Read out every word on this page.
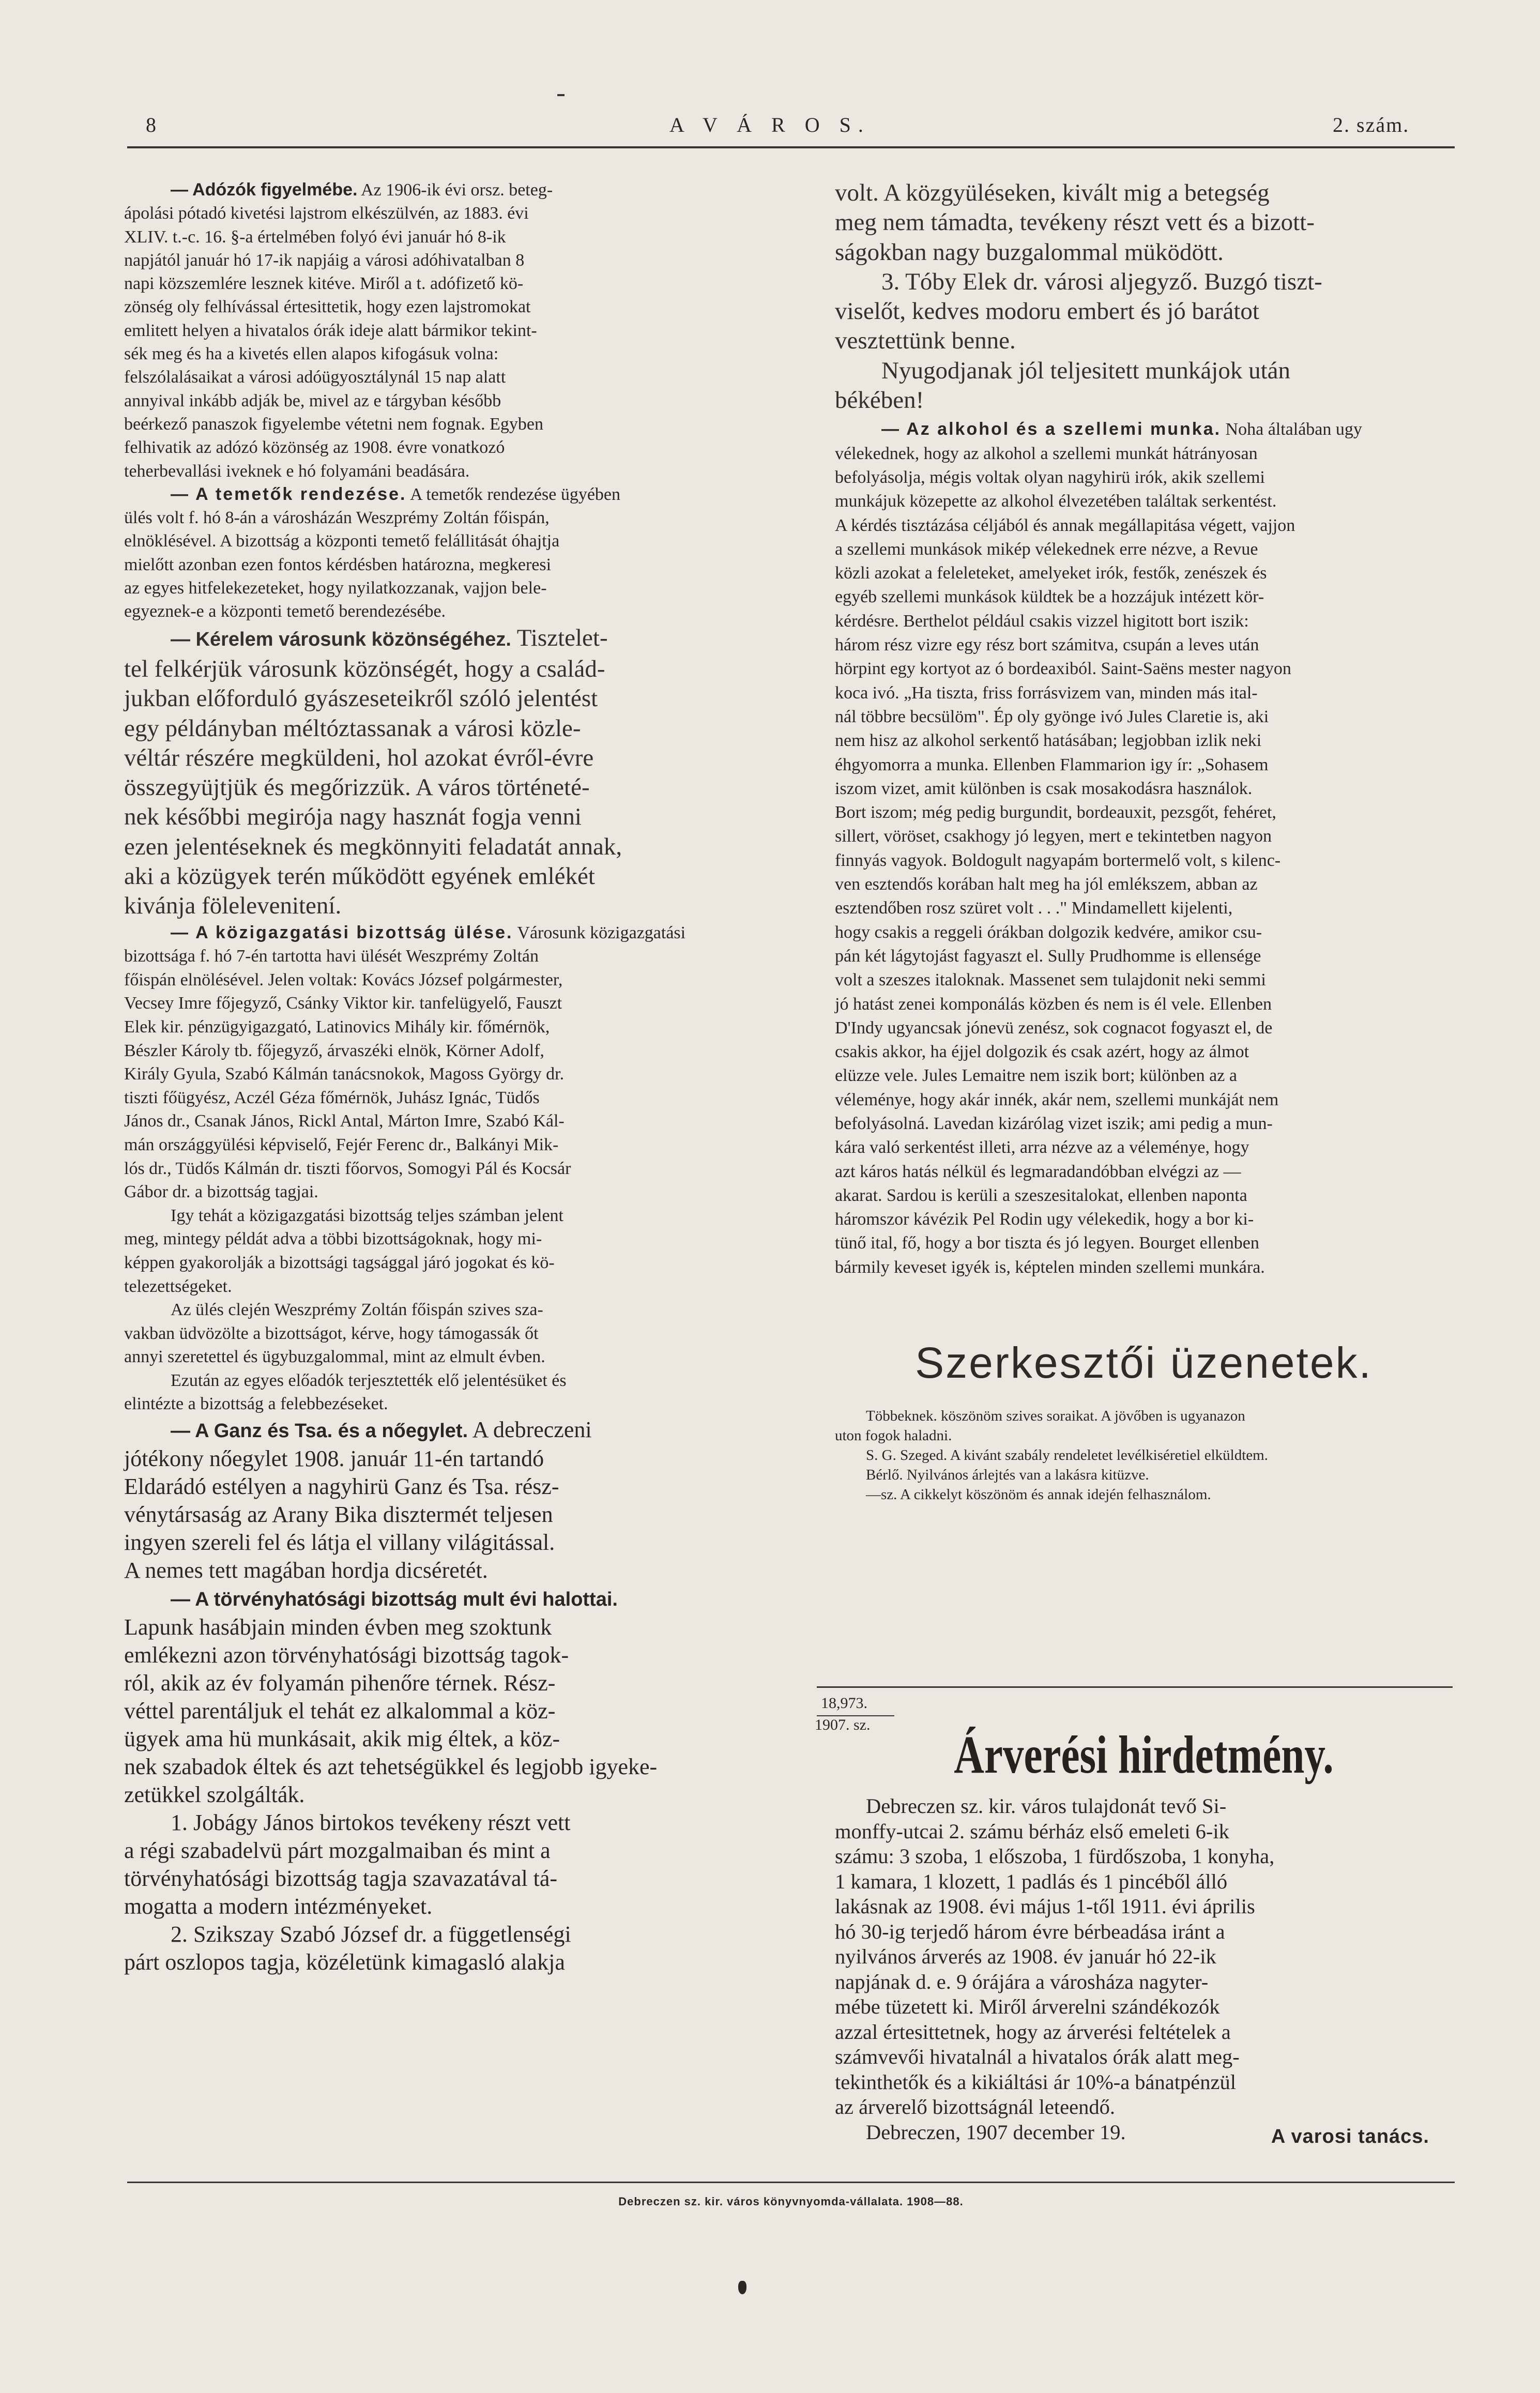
8	A V Á R O S.	2. szám.

— Adózók figyelmébe. Az 1906-ik évi orsz. beteg-
ápolási pótadó kivetési lajstrom elkészülvén, az 1883. évi
XLIV. t.-c. 16. §-a értelmében folyó évi január hó 8-ik
napjától január hó 17-ik napjáig a városi adóhivatalban 8
napi közszemlére lesznek kitéve. Miről a t. adófizető kö-
zönség oly felhívással értesittetik, hogy ezen lajstromokat
emlitett helyen a hivatalos órák ideje alatt bármikor tekint-
sék meg és ha a kivetés ellen alapos kifogásuk volna:
felszólalásaikat a városi adóügyosztálynál 15 nap alatt
annyival inkább adják be, mivel az e tárgyban később
beérkező panaszok figyelembe vétetni nem fognak. Egyben
felhivatik az adózó közönség az 1908. évre vonatkozó
teherbevallási iveknek e hó folyamáni beadására.

— A temetők rendezése. A temetők rendezése ügyében
ülés volt f. hó 8-án a városházán Weszprémy Zoltán főispán,
elnöklésével. A bizottság a központi temető felállitását óhajtja
mielőtt azonban ezen fontos kérdésben határozna, megkeresi
az egyes hitfelekezeteket, hogy nyilatkozzanak, vajjon bele-
egyeznek-e a központi temető berendezésébe.

— Kérelem városunk közönségéhez. Tisztelet-
tel felkérjük városunk közönségét, hogy a család-
jukban előforduló gyászeseteikről szóló jelentést
egy példányban méltóztassanak a városi közle-
véltár részére megküldeni, hol azokat évről-évre
összegyüjtjük és megőrizzük. A város történeté-
nek későbbi megirója nagy hasznát fogja venni
ezen jelentéseknek és megkönnyiti feladatát annak,
aki a közügyek terén működött egyének emlékét
kivánja fölelevenitení.

— A közigazgatási bizottság ülése. Városunk közigazgatási
bizottsága f. hó 7-én tartotta havi ülését Weszprémy Zoltán
főispán elnölésével. Jelen voltak: Kovács József polgármester,
Vecsey Imre főjegyző, Csánky Viktor kir. tanfelügyelő, Fauszt
Elek kir. pénzügyigazgató, Latinovics Mihály kir. főmérnök,
Bészler Károly tb. főjegyző, árvaszéki elnök, Körner Adolf,
Király Gyula, Szabó Kálmán tanácsnokok, Magoss György dr.
tiszti főügyész, Aczél Géza főmérnök, Juhász Ignác, Tüdős
János dr., Csanak János, Rickl Antal, Márton Imre, Szabó Kál-
mán országgyülési képviselő, Fejér Ferenc dr., Balkányi Mik-
lós dr., Tüdős Kálmán dr. tiszti főorvos, Somogyi Pál és Kocsár
Gábor dr. a bizottság tagjai.

Igy tehát a közigazgatási bizottság teljes számban jelent
meg, mintegy példát adva a többi bizottságoknak, hogy mi-
képpen gyakorolják a bizottsági tagsággal járó jogokat és kö-
telezettségeket.

Az ülés clején Weszprémy Zoltán főispán szives sza-
vakban üdvözölte a bizottságot, kérve, hogy támogassák őt
annyi szeretettel és ügybuzgalommal, mint az elmult évben.

Ezután az egyes előadók terjesztették elő jelentésüket és
elintézte a bizottság a felebbezéseket.

— A Ganz és Tsa. és a nőegylet. A debreczeni
jótékony nőegylet 1908. január 11-én tartandó
Eldarádó estélyen a nagyhirü Ganz és Tsa. rész-
vénytársaság az Arany Bika disztermét teljesen
ingyen szereli fel és látja el villany világitással.
A nemes tett magában hordja dicséretét.

— A törvényhatósági bizottság mult évi halottai.
Lapunk hasábjain minden évben meg szoktunk
emlékezni azon törvényhatósági bizottság tagok-
ról, akik az év folyamán pihenőre térnek. Rész-
véttel parentáljuk el tehát ez alkalommal a köz-
ügyek ama hü munkásait, akik mig éltek, a köz-
nek szabadok éltek és azt tehetségükkel és legjobb igyeke-
zetükkel szolgálták.

1. Jobágy János birtokos tevékeny részt vett
a régi szabadelvü párt mozgalmaiban és mint a
törvényhatósági bizottság tagja szavazatával tá-
mogatta a modern intézményeket.

2. Szikszay Szabó József dr. a függetlenségi
párt oszlopos tagja, közéletünk kimagasló alakja

volt. A közgyüléseken, kivált mig a betegség
meg nem támadta, tevékeny részt vett és a bizott-
ságokban nagy buzgalommal müködött.

3. Tóby Elek dr. városi aljegyző. Buzgó tiszt-
viselőt, kedves modoru embert és jó barátot
vesztettünk benne.

Nyugodjanak jól teljesitett munkájok után
békében!

— Az alkohol és a szellemi munka. Noha általában ugy
vélekednek, hogy az alkohol a szellemi munkát hátrányosan
befolyásolja, mégis voltak olyan nagyhirü irók, akik szellemi
munkájuk közepette az alkohol élvezetében találtak serkentést.
A kérdés tisztázása céljából és annak megállapitása végett, vajjon
a szellemi munkások mikép vélekednek erre nézve, a Revue
közli azokat a feleleteket, amelyeket irók, festők, zenészek és
egyéb szellemi munkások küldtek be a hozzájuk intézett kör-
kérdésre. Berthelot például csakis vizzel higitott bort iszik:
három rész vizre egy rész bort számitva, csupán a leves után
hörpint egy kortyot az ó bordeaxiból. Saint-Saëns mester nagyon
koca ivó. „Ha tiszta, friss forrásvizem van, minden más ital-
nál többre becsülöm". Ép oly gyönge ivó Jules Claretie is, aki
nem hisz az alkohol serkentő hatásában; legjobban izlik neki
éhgyomorra a munka. Ellenben Flammarion igy ír: „Sohasem
iszom vizet, amit különben is csak mosakodásra használok.
Bort iszom; még pedig burgundit, bordeauxit, pezsgőt, fehéret,
sillert, vöröset, csakhogy jó legyen, mert e tekintetben nagyon
finnyás vagyok. Boldogult nagyapám bortermelő volt, s kilenc-
ven esztendős korában halt meg ha jól emlékszem, abban az
esztendőben rosz szüret volt . . ." Mindamellett kijelenti,
hogy csakis a reggeli órákban dolgozik kedvére, amikor csu-
pán két lágytojást fagyaszt el. Sully Prudhomme is ellensége
volt a szeszes italoknak. Massenet sem tulajdonit neki semmi
jó hatást zenei komponálás közben és nem is él vele. Ellenben
D'Indy ugyancsak jónevü zenész, sok cognacot fogyaszt el, de
csakis akkor, ha éjjel dolgozik és csak azért, hogy az álmot
elüzze vele. Jules Lemaitre nem iszik bort; különben az a
véleménye, hogy akár innék, akár nem, szellemi munkáját nem
befolyásolná. Lavedan kizárólag vizet iszik; ami pedig a mun-
kára való serkentést illeti, arra nézve az a véleménye, hogy
azt káros hatás nélkül és legmaradandóbban elvégzi az —
akarat. Sardou is kerüli a szeszesitalokat, ellenben naponta
háromszor kávézik Pel Rodin ugy vélekedik, hogy a bor ki-
tünő ital, fő, hogy a bor tiszta és jó legyen. Bourget ellenben
bármily keveset igyék is, képtelen minden szellemi munkára.

Szerkesztői üzenetek.

Többeknek. köszönöm szives soraikat. A jövőben is ugyanazon

uton fogok haladni.

S. G. Szeged. A kivánt szabály rendeletet levélkiséretiel elküldtem.

Bérlő. Nyilvános árlejtés van a lakásra kitüzve.

—sz. A cikkelyt köszönöm és annak idején felhasználom.

18,973.
1907. sz.
Árverési hirdetmény.

Debreczen sz. kir. város tulajdonát tevő Si-
monffy-utcai 2. számu bérház első emeleti 6-ik
számu: 3 szoba, 1 előszoba, 1 fürdőszoba, 1 konyha,
1 kamara, 1 klozett, 1 padlás és 1 pincéből álló
lakásnak az 1908. évi május 1-től 1911. évi április
hó 30-ig terjedő három évre bérbeadása iránt a
nyilvános árverés az 1908. év január hó 22-ik
napjának d. e. 9 órájára a városháza nagyter-
mébe tüzetett ki. Miről árverelni szándékozók
azzal értesittetnek, hogy az árverési feltételek a
számvevői hivatalnál a hivatalos órák alatt meg-
tekinthetők és a kikiáltási ár 10%-a bánatpénzül
az árverelő bizottságnál leteendő.

Debreczen, 1907 december 19.	A varosi tanács.
Debreczen sz. kir. város könyvnyomda-vállalata. 1908—88.
